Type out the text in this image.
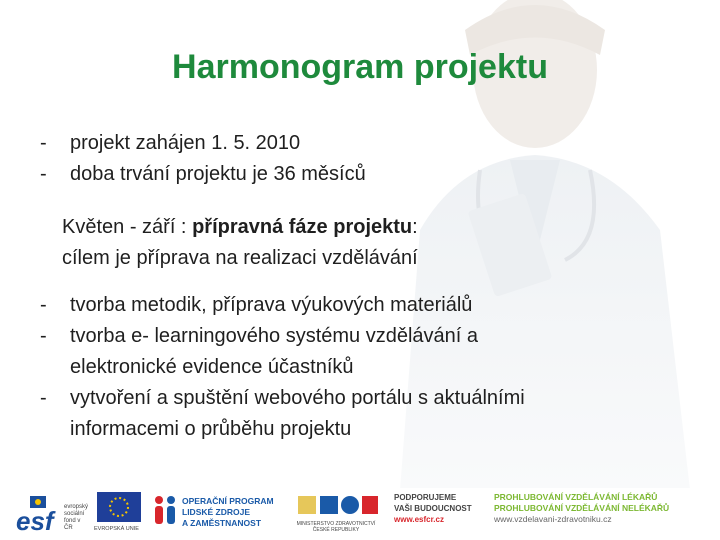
Harmonogram projektu
- projekt zahájen 1. 5. 2010
- doba trvání projektu je 36 měsíců
Květen - září : přípravná fáze projektu:
cílem je příprava na realizaci vzdělávání
- tvorba metodik, příprava výukových materiálů
- tvorba e- learningového systému vzdělávání a
elektronické evidence účastníků
- vytvoření a spuštění webového portálu s aktuálními
informacemi o průběhu projektu
esf evropský
sociální
fond v ČR	EVROPSKÁ UNIE
OPERAČNÍ PROGRAM
LIDSKÉ ZDROJE
A ZAMĚSTNANOST	MINISTERSTVO ZDRAVOTNICTVÍ
ČESKÉ REPUBLIKY
PODPORUJEME
VAŠI BUDOUCNOST
www.esfcr.cz
PROHLUBOVÁNÍ VZDĚLÁVÁNÍ LÉKAŘŮ
PROHLUBOVÁNÍ VZDĚLÁVÁNÍ NELÉKAŘŮ
www.vzdelavani-zdravotniku.cz
